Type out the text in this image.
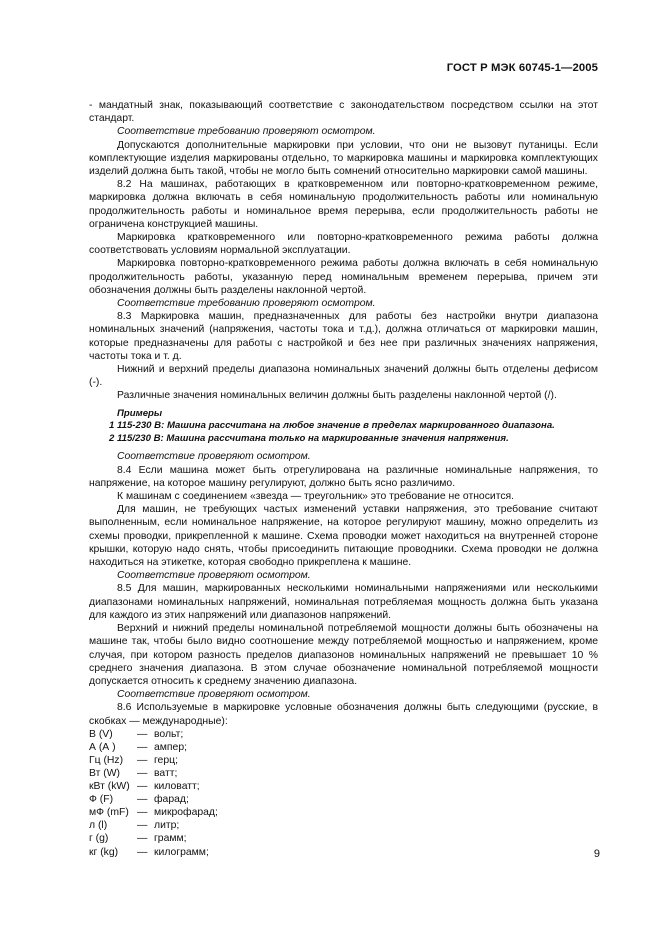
ГОСТ Р МЭК 60745-1—2005

- мандатный знак, показывающий соответствие с законодательством посредством ссылки на этот стандарт.

Соответствие требованию проверяют осмотром.

Допускаются дополнительные маркировки при условии, что они не вызовут путаницы. Если комплектующие изделия маркированы отдельно, то маркировка машины и маркировка комплектующих изделий должна быть такой, чтобы не могло быть сомнений относительно маркировки самой машины.

8.2 На машинах, работающих в кратковременном или повторно-кратковременном режиме, маркировка должна включать в себя номинальную продолжительность работы или номинальную продолжительность работы и номинальное время перерыва, если продолжительность работы не ограничена конструкцией машины.

Маркировка кратковременного или повторно-кратковременного режима работы должна соответствовать условиям нормальной эксплуатации.

Маркировка повторно-кратковременного режима работы должна включать в себя номинальную продолжительность работы, указанную перед номинальным временем перерыва, причем эти обозначения должны быть разделены наклонной чертой.

Соответствие требованию проверяют осмотром.

8.3 Маркировка машин, предназначенных для работы без настройки внутри диапазона номинальных значений (напряжения, частоты тока и т.д.), должна отличаться от маркировки машин, которые предназначены для работы с настройкой и без нее при различных значениях напряжения, частоты тока и т. д.

Нижний и верхний пределы диапазона номинальных значений должны быть отделены дефисом (-).

Различные значения номинальных величин должны быть разделены наклонной чертой (/).

Примеры

1 115-230 В: Машина рассчитана на любое значение в пределах маркированного диапазона.

2 115/230 В: Машина рассчитана только на маркированные значения напряжения.

Соответствие проверяют осмотром.

8.4 Если машина может быть отрегулирована на различные номинальные напряжения, то напряжение, на которое машину регулируют, должно быть ясно различимо.

К машинам с соединением «звезда — треугольник» это требование не относится.

Для машин, не требующих частых изменений уставки напряжения, это требование считают выполненным, если номинальное напряжение, на которое регулируют машину, можно определить из схемы проводки, прикрепленной к машине. Схема проводки может находиться на внутренней стороне крышки, которую надо снять, чтобы присоединить питающие проводники. Схема проводки не должна находиться на этикетке, которая свободно прикреплена к машине.

Соответствие проверяют осмотром.

8.5 Для машин, маркированных несколькими номинальными напряжениями или несколькими диапазонами номинальных напряжений, номинальная потребляемая мощность должна быть указана для каждого из этих напряжений или диапазонов напряжений.

Верхний и нижний пределы номинальной потребляемой мощности должны быть обозначены на машине так, чтобы было видно соотношение между потребляемой мощностью и напряжением, кроме случая, при котором разность пределов диапазонов номинальных напряжений не превышает 10 % среднего значения диапазона. В этом случае обозначение номинальной потребляемой мощности допускается относить к среднему значению диапазона.

Соответствие проверяют осмотром.

8.6 Используемые в маркировке условные обозначения должны быть следующими (русские, в скобках — международные):

В (V)	—	вольт;
А (А )	—	ампер;
Гц (Hz)	—	герц;
Вт (W)	—	ватт;
кВт (kW)	—	киловатт;
Ф (F)	—	фарад;
мФ (mF)	—	микрофарад;
л (l)	—	литр;
г (g)	—	грамм;
кг (kg)	—	килограмм;	9
